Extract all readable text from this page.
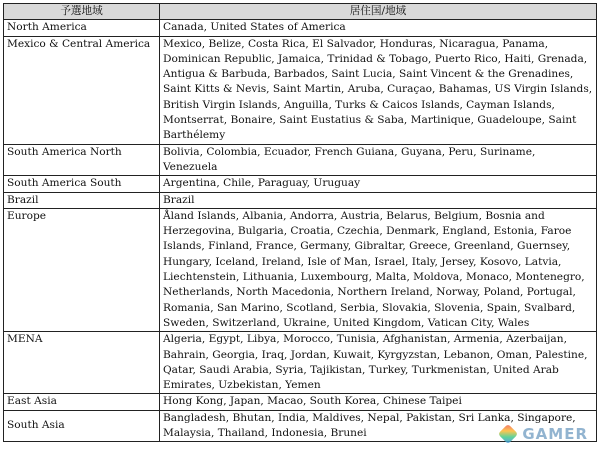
予選地域	居住国/地域
North America	Canada, United States of America
Mexico & Central America	Mexico, Belize, Costa Rica, El Salvador, Honduras, Nicaragua, Panama, Dominican Republic, Jamaica, Trinidad & Tobago, Puerto Rico, Haiti, Grenada, Antigua & Barbuda, Barbados, Saint Lucia, Saint Vincent & the Grenadines, Saint Kitts & Nevis, Saint Martin, Aruba, Curaçao, Bahamas, US Virgin Islands, British Virgin Islands, Anguilla, Turks & Caicos Islands, Cayman Islands, Montserrat, Bonaire, Saint Eustatius & Saba, Martinique, Guadeloupe, Saint Barthélemy
South America North	Bolivia, Colombia, Ecuador, French Guiana, Guyana, Peru, Suriname, Venezuela
South America South	Argentina, Chile, Paraguay, Uruguay
Brazil	Brazil
Europe	Åland Islands, Albania, Andorra, Austria, Belarus, Belgium, Bosnia and Herzegovina, Bulgaria, Croatia, Czechia, Denmark, England, Estonia, Faroe Islands, Finland, France, Germany, Gibraltar, Greece, Greenland, Guernsey, Hungary, Iceland, Ireland, Isle of Man, Israel, Italy, Jersey, Kosovo, Latvia, Liechtenstein, Lithuania, Luxembourg, Malta, Moldova, Monaco, Montenegro, Netherlands, North Macedonia, Northern Ireland, Norway, Poland, Portugal, Romania, San Marino, Scotland, Serbia, Slovakia, Slovenia, Spain, Svalbard, Sweden, Switzerland, Ukraine, United Kingdom, Vatican City, Wales
MENA	Algeria, Egypt, Libya, Morocco, Tunisia, Afghanistan, Armenia, Azerbaijan, Bahrain, Georgia, Iraq, Jordan, Kuwait, Kyrgyzstan, Lebanon, Oman, Palestine, Qatar, Saudi Arabia, Syria, Tajikistan, Turkey, Turkmenistan, United Arab Emirates, Uzbekistan, Yemen
East Asia	Hong Kong, Japan, Macao, South Korea, Chinese Taipei
South Asia	Bangladesh, Bhutan, India, Maldives, Nepal, Pakistan, Sri Lanka, Singapore, Malaysia, Thailand, Indonesia, Brunei	GAMER
